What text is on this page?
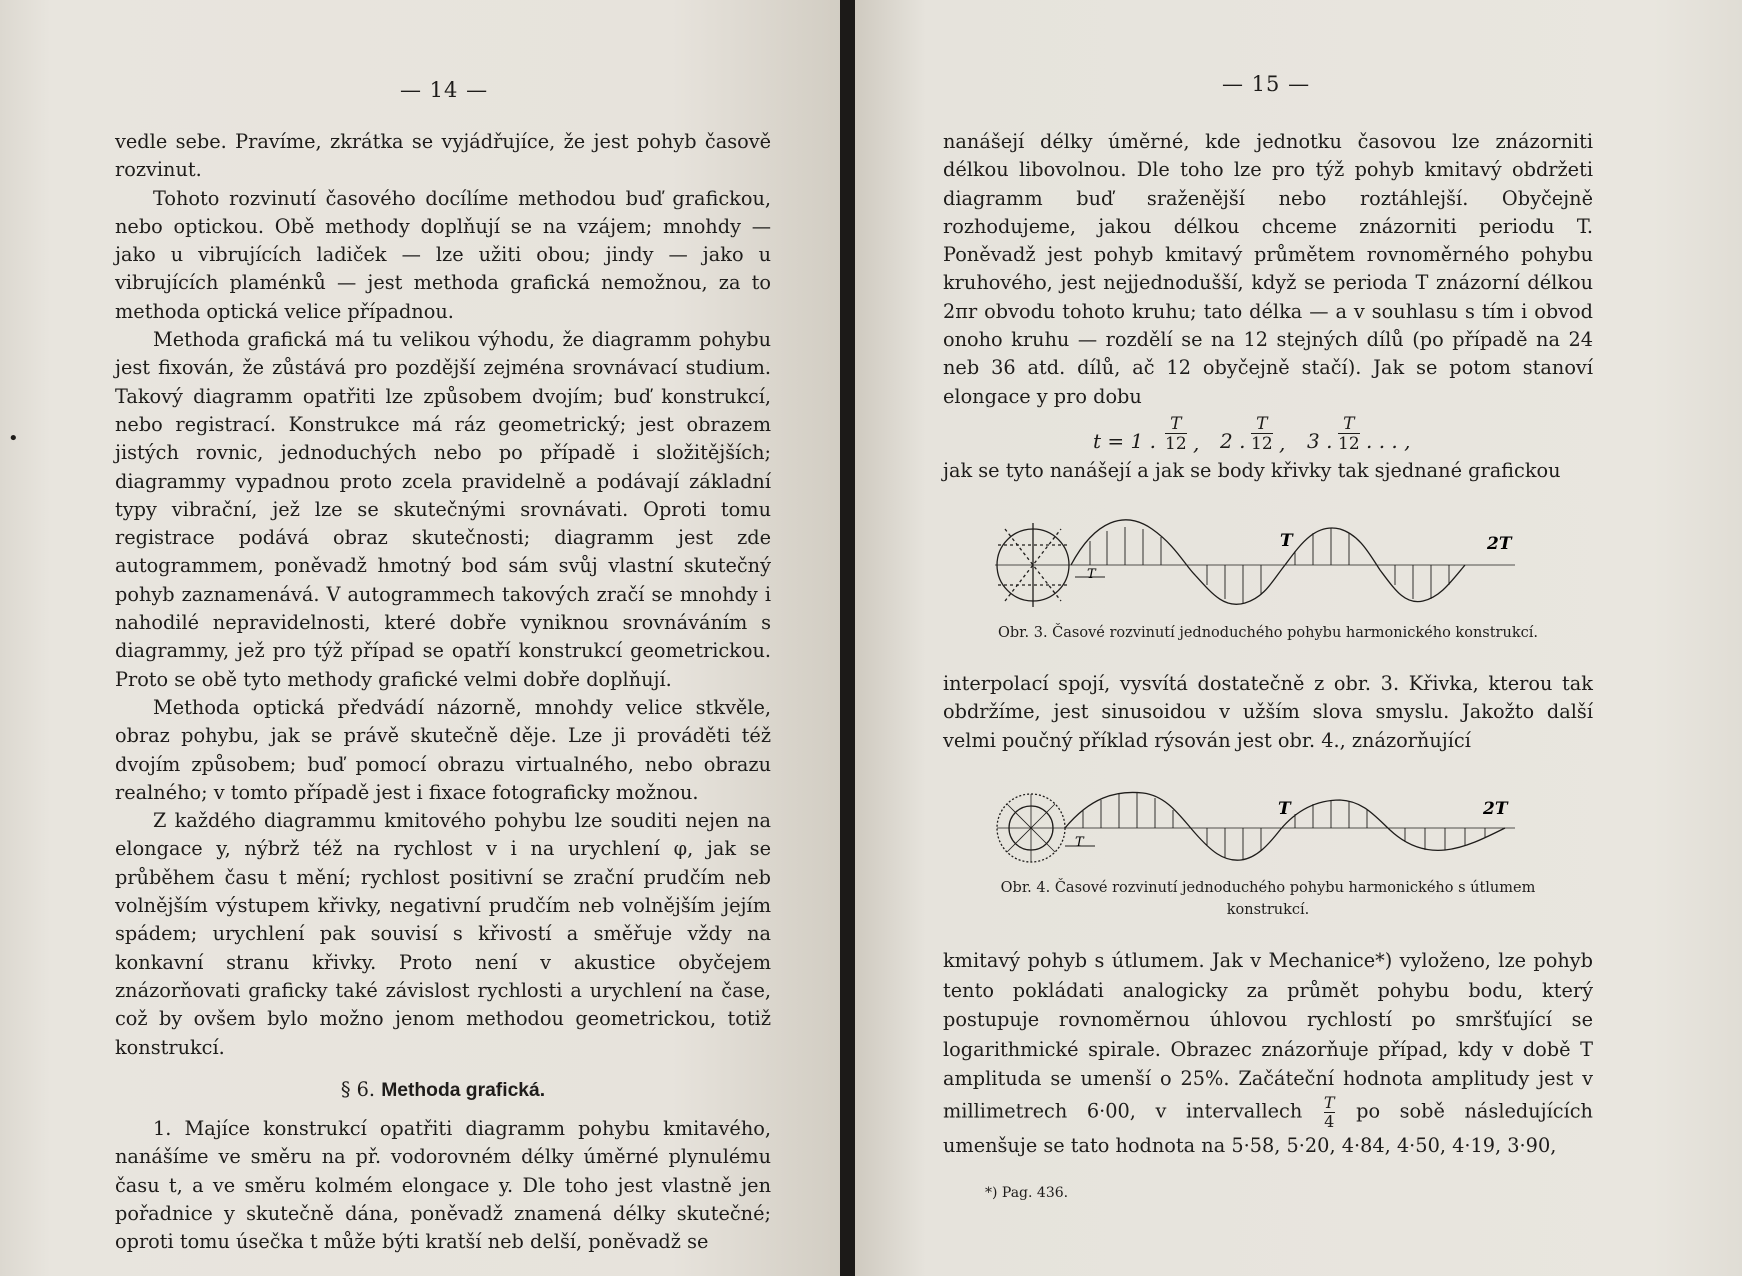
— 14 —
•
— 15 —

vedle sebe. Pravíme, zkrátka se vyjádřujíce, že jest pohyb časově rozvinut.

Tohoto rozvinutí časového docílíme methodou buď grafickou, nebo optickou. Obě methody doplňují se na vzájem; mnohdy — jako u vibrujících ladiček — lze užiti obou; jindy — jako u vibrujících plaménků — jest methoda grafická nemožnou, za to methoda optická velice případnou.

Methoda grafická má tu velikou výhodu, že diagramm pohybu jest fixován, že zůstává pro pozdější zejména srovnávací studium. Takový diagramm opatřiti lze způsobem dvojím; buď konstrukcí, nebo registrací. Konstrukce má ráz geometrický; jest obrazem jistých rovnic, jednoduchých nebo po případě i složitějších; diagrammy vypadnou proto zcela pravidelně a podávají základní typy vibrační, jež lze se skutečnými srovnávati. Oproti tomu registrace podává obraz skutečnosti; diagramm jest zde autogrammem, poněvadž hmotný bod sám svůj vlastní skutečný pohyb zaznamenává. V autogrammech takových zračí se mnohdy i nahodilé nepravidelnosti, které dobře vyniknou srovnáváním s diagrammy, jež pro týž případ se opatří konstrukcí geometrickou. Proto se obě tyto methody grafické velmi dobře doplňují.

Methoda optická předvádí názorně, mnohdy velice stkvěle, obraz pohybu, jak se právě skutečně děje. Lze ji prováděti též dvojím způsobem; buď pomocí obrazu virtualného, nebo obrazu realného; v tomto případě jest i fixace fotograficky možnou.

Z každého diagrammu kmitového pohybu lze souditi nejen na elongace y, nýbrž též na rychlost v i na urychlení φ, jak se průběhem času t mění; rychlost positivní se zrační prudčím neb volnějším výstupem křivky, negativní prudčím neb volnějším jejím spádem; urychlení pak souvisí s křivostí a směřuje vždy na konkavní stranu křivky. Proto není v akustice obyčejem znázorňovati graficky také závislost rychlosti a urychlení na čase, což by ovšem bylo možno jenom methodou geometrickou, totiž konstrukcí.

§ 6. Methoda grafická.

1. Majíce konstrukcí opatřiti diagramm pohybu kmitavého, nanášíme ve směru na př. vodorovném délky úměrné plynulému času t, a ve směru kolmém elongace y. Dle toho jest vlastně jen pořadnice y skutečně dána, poněvadž znamená délky skutečné; oproti tomu úsečka t může býti kratší neb delší, poněvadž se

nanášejí délky úměrné, kde jednotku časovou lze znázorniti délkou libovolnou. Dle toho lze pro týž pohyb kmitavý obdržeti diagramm buď sraženější nebo roztáhlejší. Obyčejně rozhodujeme, jakou délkou chceme znázorniti periodu T. Poněvadž jest pohyb kmitavý průmětem rovnoměrného pohybu kruhového, jest nejjednodušší, když se perioda T znázorní délkou 2πr obvodu tohoto kruhu; tato délka — a v souhlasu s tím i obvod onoho kruhu — rozdělí se na 12 stejných dílů (po případě na 24 neb 36 atd. dílů, ač 12 obyčejně stačí). Jak se potom stanoví elongace y pro dobu

t = 1 . $\frac{T}{12}$ , 2 . $\frac{T}{12}$ , 3 . $\frac{T}{12}$ . . . ,

jak se tyto nanášejí a jak se body křivky tak sjednané grafickou

T	2T
T
Obr. 3. Časové rozvinutí jednoduchého pohybu harmonického konstrukcí.

interpolací spojí, vysvítá dostatečně z obr. 3. Křivka, kterou tak obdržíme, jest sinusoidou v užším slova smyslu. Jakožto další velmi poučný příklad rýsován jest obr. 4., znázorňující

T	2T
T
Obr. 4. Časové rozvinutí jednoduchého pohybu harmonického s útlumem
konstrukcí.

kmitavý pohyb s útlumem. Jak v Mechanice*) vyloženo, lze pohyb tento pokládati analogicky za průmět pohybu bodu, který postupuje rovnoměrnou úhlovou rychlostí po smršťující se logarithmické spirale. Obrazec znázorňuje případ, kdy v době T amplituda se umenší o 25%. Začáteční hodnota amplitudy jest v millimetrech 6·00, v intervallech $\frac{T}{4}$ po sobě následujících umenšuje se tato hodnota na 5·58, 5·20, 4·84, 4·50, 4·19, 3·90,

*) Pag. 436.
